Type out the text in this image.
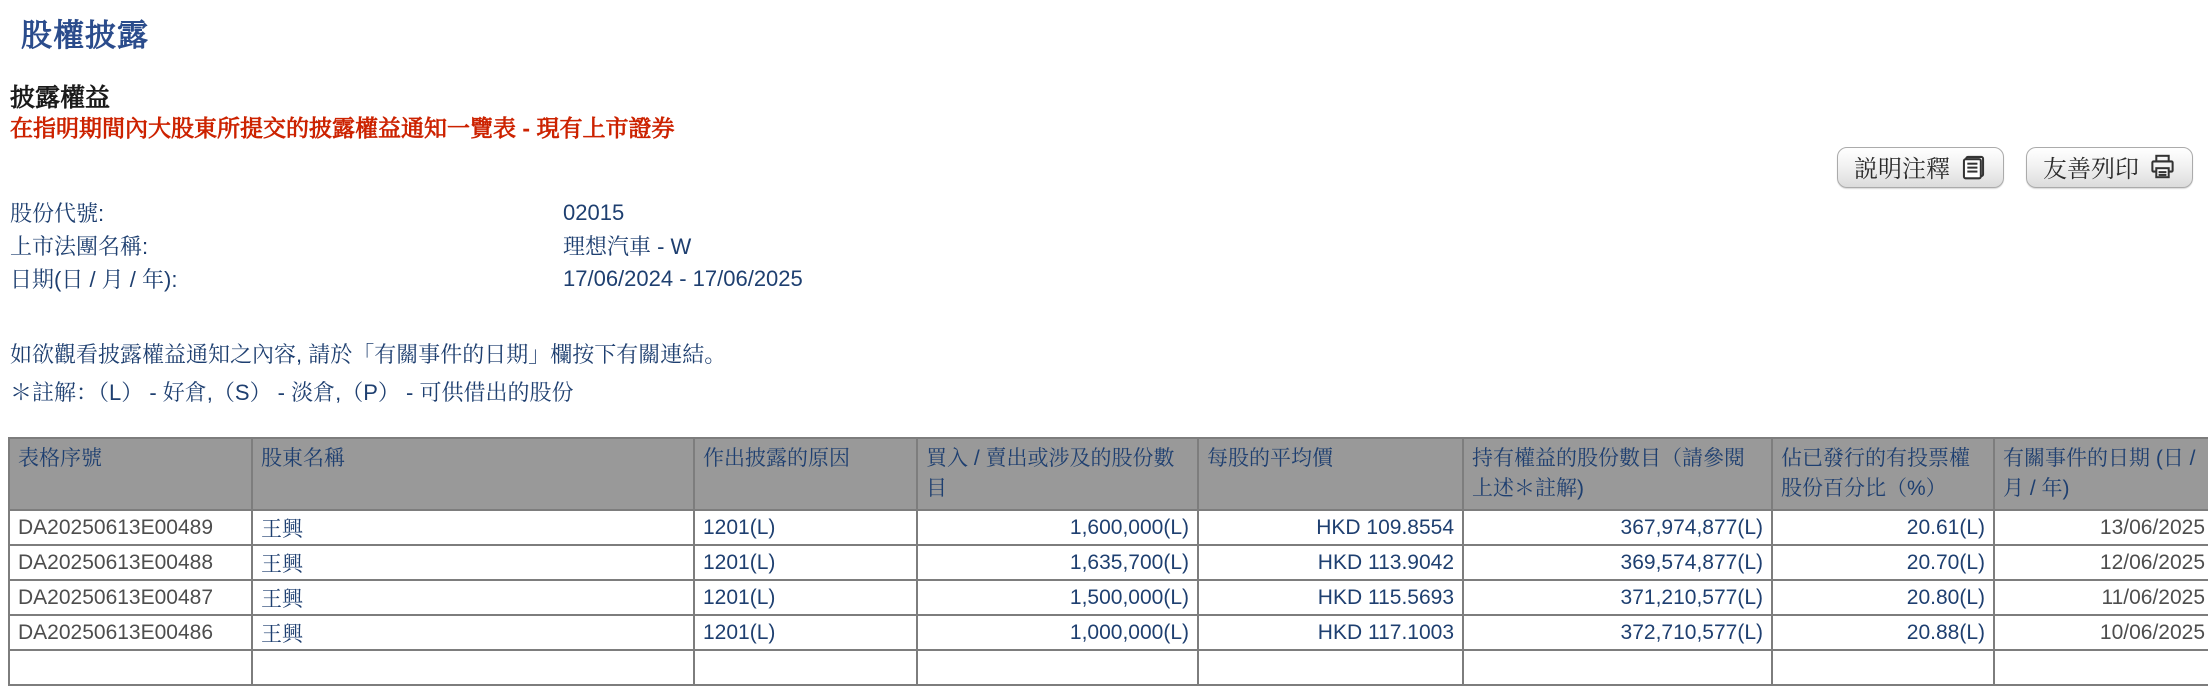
股權披露
披露權益

在指明期間內大股東所提交的披露權益通知一覽表 - 現有上市證券

説明注釋	友善列印
股份代號:	02015
上市法團名稱:	理想汽車 - W
日期(日 / 月 / 年):	17/06/2024 - 17/06/2025

如欲觀看披露權益通知之內容, 請於「有關事件的日期」欄按下有關連結。

＊註解：（L） - 好倉,（S） - 淡倉,（P） - 可供借出的股份

表格序號	股東名稱	作出披露的原因	買入 / 賣出或涉及的股份數目	每股的平均價	持有權益的股份數目（請參閱上述＊註解)	佔已發行的有投票權股份百分比（%）	有關事件的日期 (日 / 月 / 年)
DA20250613E00489	王興	1201(L)	1,600,000(L)	HKD 109.8554	367,974,877(L)	20.61(L)	13/06/2025
DA20250613E00488	王興	1201(L)	1,635,700(L)	HKD 113.9042	369,574,877(L)	20.70(L)	12/06/2025
DA20250613E00487	王興	1201(L)	1,500,000(L)	HKD 115.5693	371,210,577(L)	20.80(L)	11/06/2025
DA20250613E00486	王興	1201(L)	1,000,000(L)	HKD 117.1003	372,710,577(L)	20.88(L)	10/06/2025
